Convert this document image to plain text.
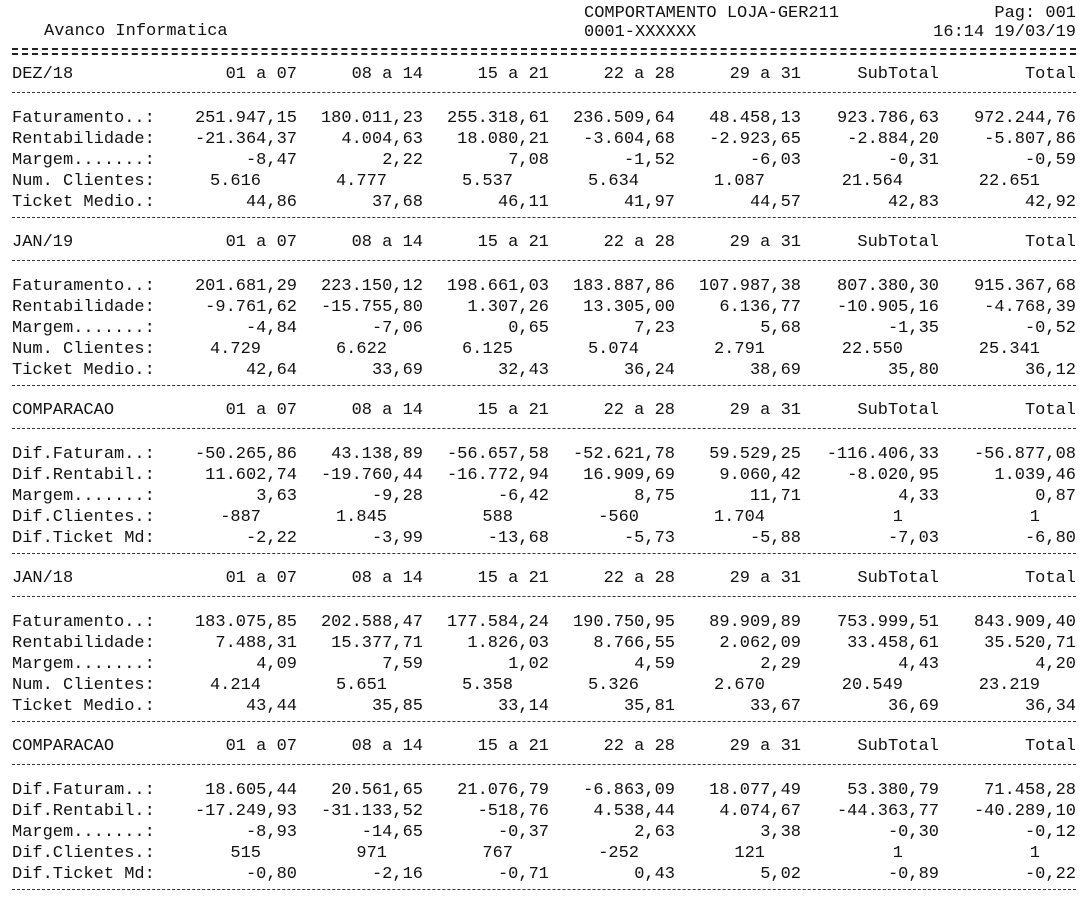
Avanco Informatica
COMPORTAMENTO LOJA-GER211
0001-XXXXXX
Pag: 001
16:14 19/03/19
DEZ/18	01 a 07	08 a 14	15 a 21	22 a 28	29 a 31	SubTotal	Total
Faturamento..: 251.947,15 180.011,23 255.318,61 236.509,64 48.458,13 923.786,63 972.244,76
Rentabilidade: -21.364,37	4.004,63 18.080,21 -3.604,68 -2.923,65	-2.884,20	-5.807,86
Margem.......:	-8,47	2,22	7,08	-1,52	-6,03	-0,31	-0,59
Num. Clientes:	5.616	4.777	5.537	5.634	1.087	21.564	22.651
Ticket Medio.:	44,86	37,68	46,11	41,97	44,57	42,83	42,92
JAN/19	01 a 07	08 a 14	15 a 21	22 a 28	29 a 31	SubTotal	Total
Faturamento..: 201.681,29 223.150,12 198.661,03 183.887,86 107.987,38 807.380,30 915.367,68
Rentabilidade:	-9.761,62 -15.755,80	1.307,26 13.305,00	6.136,77 -10.905,16	-4.768,39
Margem.......:	-4,84	-7,06	0,65	7,23	5,68	-1,35	-0,52
Num. Clientes:	4.729	6.622	6.125	5.074	2.791	22.550	25.341
Ticket Medio.:	42,64	33,69	32,43	36,24	38,69	35,80	36,12
COMPARACAO	01 a 07	08 a 14	15 a 21	22 a 28	29 a 31	SubTotal	Total
Dif.Faturam..: -50.265,86 43.138,89 -56.657,58 -52.621,78 59.529,25 -116.406,33 -56.877,08
Dif.Rentabil.:	11.602,74 -19.760,44 -16.772,94 16.909,69	9.060,42	-8.020,95	1.039,46
Margem.......:	3,63	-9,28	-6,42	8,75	11,71	4,33	0,87
Dif.Clientes.:	-887	1.845	588	-560	1.704	1	1
Dif.Ticket Md:	-2,22	-3,99	-13,68	-5,73	-5,88	-7,03	-6,80
JAN/18	01 a 07	08 a 14	15 a 21	22 a 28	29 a 31	SubTotal	Total
Faturamento..: 183.075,85 202.588,47 177.584,24 190.750,95 89.909,89 753.999,51 843.909,40
Rentabilidade:	7.488,31 15.377,71	1.826,03	8.766,55	2.062,09	33.458,61	35.520,71
Margem.......:	4,09	7,59	1,02	4,59	2,29	4,43	4,20
Num. Clientes:	4.214	5.651	5.358	5.326	2.670	20.549	23.219
Ticket Medio.:	43,44	35,85	33,14	35,81	33,67	36,69	36,34
COMPARACAO	01 a 07	08 a 14	15 a 21	22 a 28	29 a 31	SubTotal	Total
Dif.Faturam..:	18.605,44 20.561,65 21.076,79 -6.863,09 18.077,49	53.380,79	71.458,28
Dif.Rentabil.: -17.249,93 -31.133,52	-518,76	4.538,44	4.074,67 -44.363,77 -40.289,10
Margem.......:	-8,93	-14,65	-0,37	2,63	3,38	-0,30	-0,12
Dif.Clientes.:	515	971	767	-252	121	1	1
Dif.Ticket Md:	-0,80	-2,16	-0,71	0,43	5,02	-0,89	-0,22
